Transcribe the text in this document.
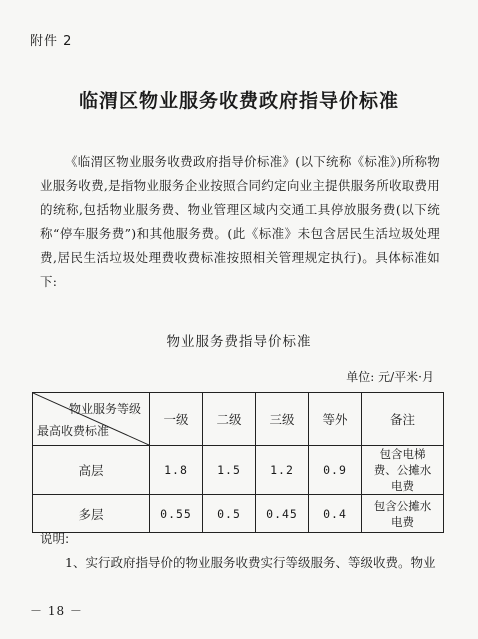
附件 2
临渭区物业服务收费政府指导价标准
《临渭区物业服务收费政府指导价标准》(以下统称《标准》)所称物业服务收费,是指物业服务企业按照合同约定向业主提供服务所收取费用的统称,包括物业服务费、物业管理区域内交通工具停放服务费(以下统称“停车服务费”)和其他服务费。(此《标准》未包含居民生活垃圾处理费,居民生活垃圾处理费收费标准按照相关管理规定执行)。具体标准如下:
物业服务费指导价标准
单位: 元/平米·月
物业服务等级
最高收费标准	一级	二级	三级	等外	备注
高层	1.8	1.5	1.2	0.9	包含电梯费、公摊水电费
多层	0.55	0.5	0.45	0.4	包含公摊水电费
说明:
1、实行政府指导价的物业服务收费实行等级服务、等级收费。物业
－ 18 －
